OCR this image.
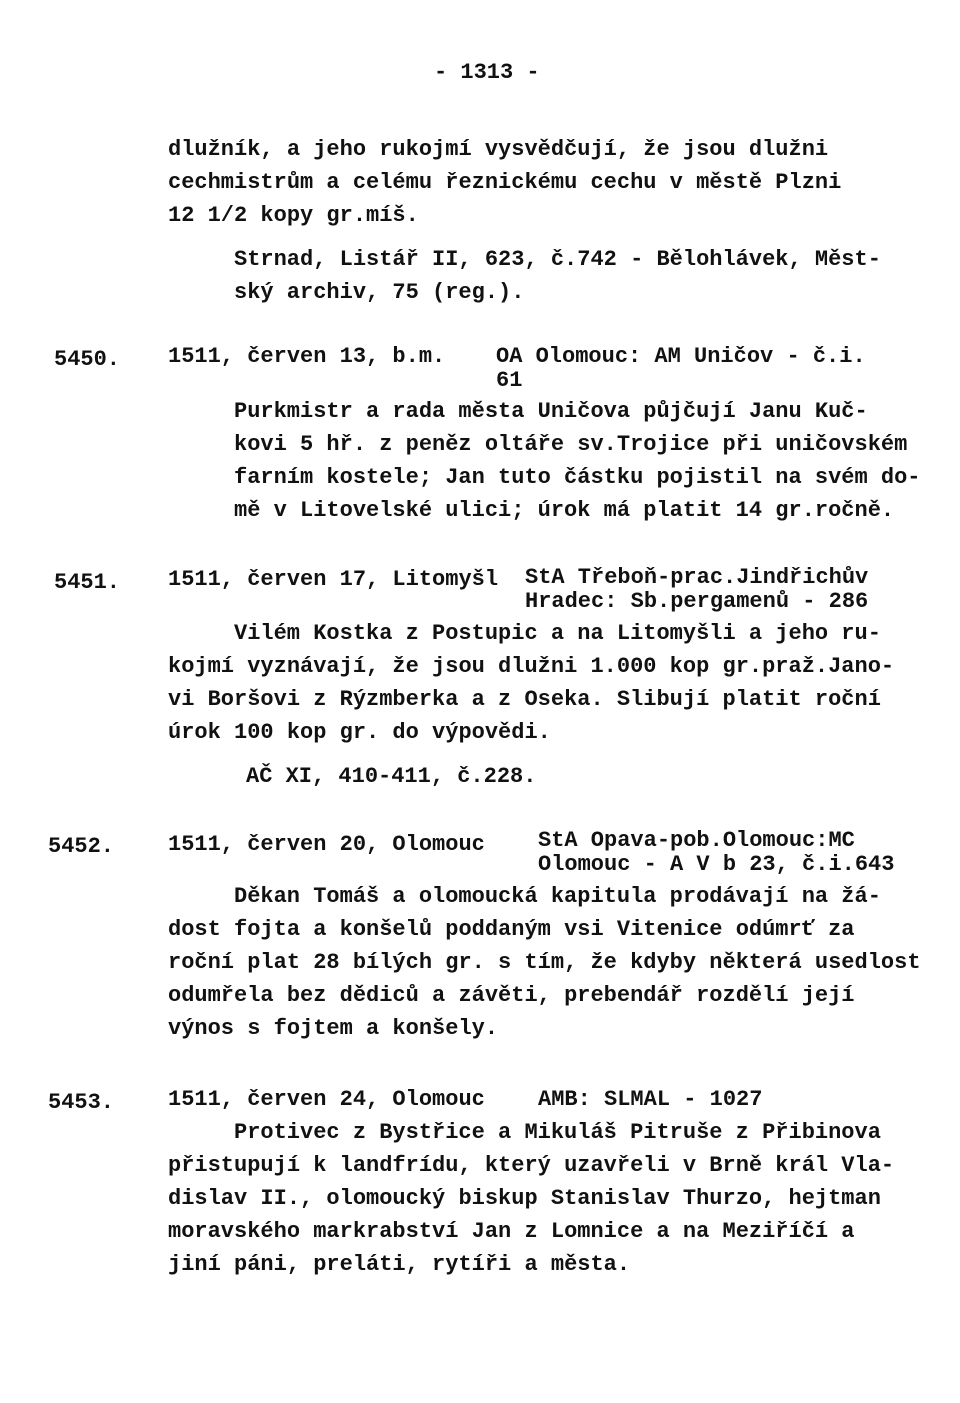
- 1313 -
dlužník, a jeho rukojmí vysvědčují, že jsou dlužni
cechmistrům a celému řeznickému cechu v městě Plzni
12 1/2 kopy gr.míš.
Strnad, Listář II, 623, č.742 - Bělohlávek, Měst-
ský archiv, 75 (reg.).
5450. 1511, červen 13, b.m. OA Olomouc: AM Uničov - č.i.
61
Purkmistr a rada města Uničova půjčují Janu Kuč-
kovi 5 hř. z peněz oltáře sv.Trojice při uničovském
farním kostele; Jan tuto částku pojistil na svém do-
mě v Litovelské ulici; úrok má platit 14 gr.ročně.
5451. 1511, červen 17, Litomyšl StA Třeboň-prac.Jindřichův
Hradec: Sb.pergamenů - 286
Vilém Kostka z Postupic a na Litomyšli a jeho ru-
kojmí vyznávají, že jsou dlužni 1.000 kop gr.praž.Jano-
vi Boršovi z Rýzmberka a z Oseka. Slibují platit roční
úrok 100 kop gr. do výpovědi.
AČ XI, 410-411, č.228.
5452. 1511, červen 20, Olomouc StA Opava-pob.Olomouc:MC
Olomouc - A V b 23, č.i.643
Děkan Tomáš a olomoucká kapitula prodávají na žá-
dost fojta a konšelů poddaným vsi Vitenice odúmrť za
roční plat 28 bílých gr. s tím, že kdyby některá usedlost
odumřela bez dědiců a závěti, prebendář rozdělí její
výnos s fojtem a konšely.
5453. 1511, červen 24, Olomouc AMB: SLMAL - 1027
Protivec z Bystřice a Mikuláš Pitruše z Přibinova
přistupují k landfrídu, který uzavřeli v Brně král Vla-
dislav II., olomoucký biskup Stanislav Thurzo, hejtman
moravského markrabství Jan z Lomnice a na Meziříčí a
jiní páni, preláti, rytíři a města.
